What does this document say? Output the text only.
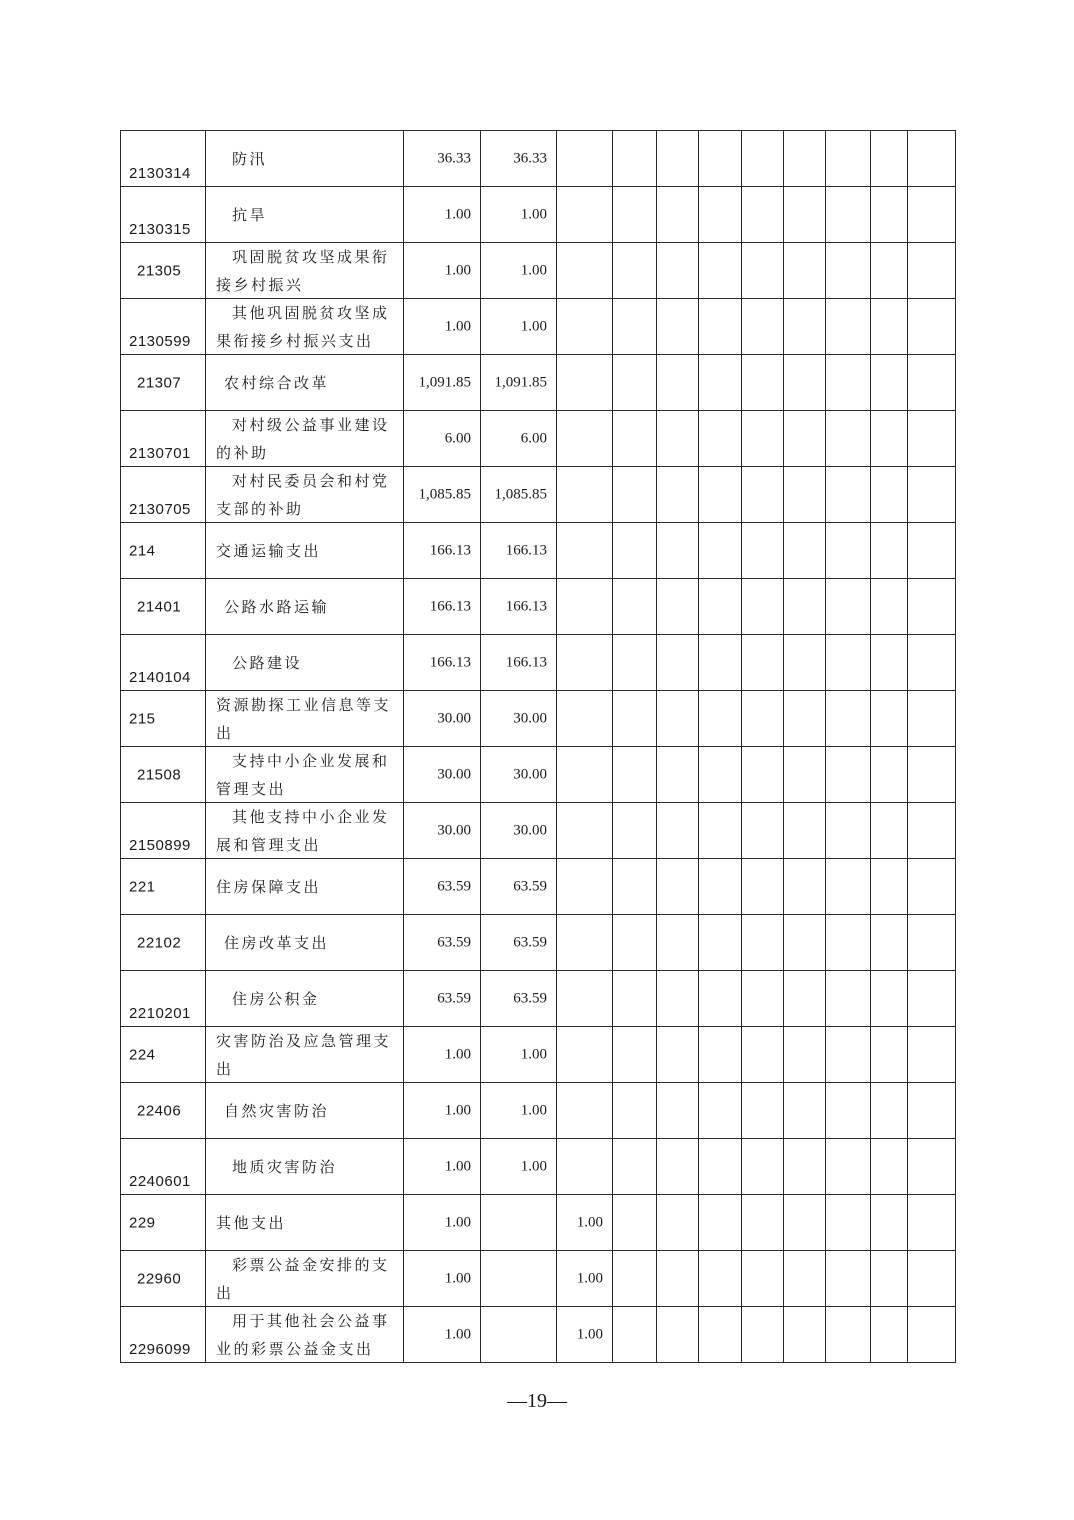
2130314	防汛	36.33	36.33									

2130315	抗旱	1.00	1.00									

21305	巩固脱贫攻坚成果衔接乡村振兴	1.00	1.00									

2130599	其他巩固脱贫攻坚成果衔接乡村振兴支出	1.00	1.00									

21307	农村综合改革	1,091.85	1,091.85									

2130701	对村级公益事业建设的补助	6.00	6.00									

2130705	对村民委员会和村党支部的补助	1,085.85	1,085.85									

214	交通运输支出	166.13	166.13									

21401	公路水路运输	166.13	166.13									

2140104	公路建设	166.13	166.13									

215	资源勘探工业信息等支出	30.00	30.00									

21508	支持中小企业发展和管理支出	30.00	30.00									

2150899	其他支持中小企业发展和管理支出	30.00	30.00									

221	住房保障支出	63.59	63.59									

22102	住房改革支出	63.59	63.59									

2210201	住房公积金	63.59	63.59									

224	灾害防治及应急管理支出	1.00	1.00									

22406	自然灾害防治	1.00	1.00									

2240601	地质灾害防治	1.00	1.00									

229	其他支出	1.00		1.00								

22960	彩票公益金安排的支出	1.00		1.00								

2296099	用于其他社会公益事业的彩票公益金支出	1.00		1.00								

—19—
